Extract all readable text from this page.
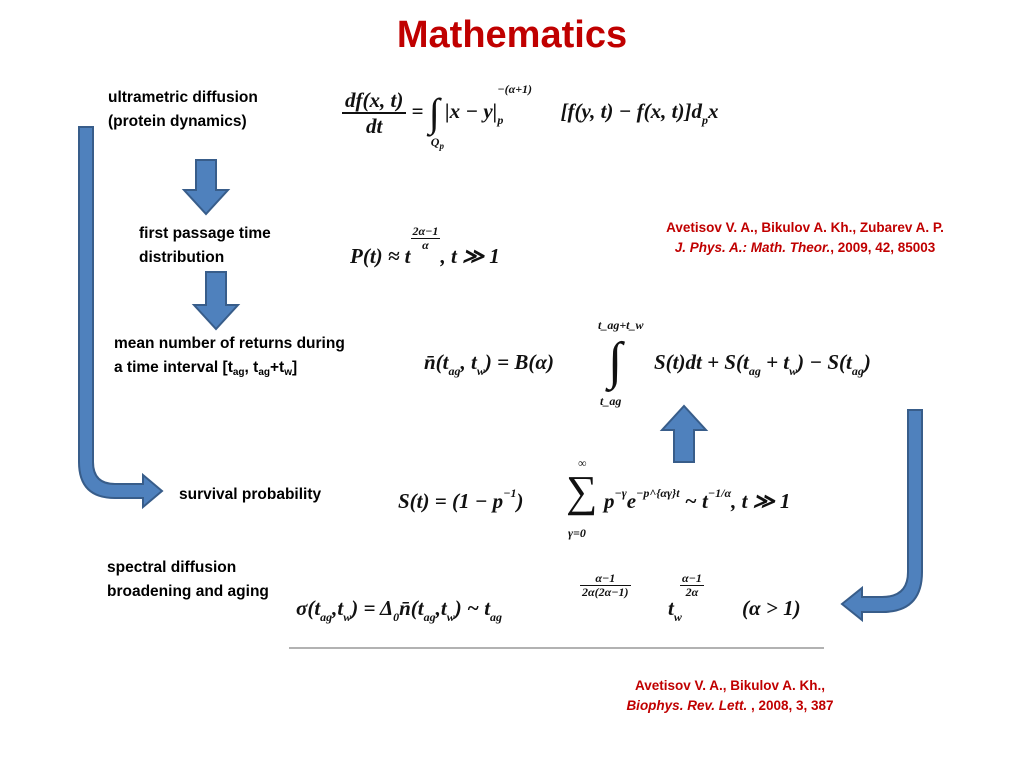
Mathematics
ultrametric diffusion
(protein dynamics)
first passage time
distribution
mean number of returns during
a time interval [$t_{ag}$, $t_{ag}+t_w$]
survival probability
spectral diffusion
broadening and aging
$\frac{df(x, t)}{dt}$ = ∫
$Q_p$
|x − y|
$^{-(\alpha+1)}$
$_p$	[f(y, t) − f(x, $t)]d_px$
P(t) ≈ t
$\frac{2\alpha-1}{\alpha}$
, t ≫ 1
Avetisov V. A., Bikulov A. Kh., Zubarev A. P.
J. Phys. A.: Math. Theor., 2009, 42, 85003
$n̄(t_{ag}$, $t_w) = B(\alpha)$
t_ag+t_w
∫
t_ag
$S(t)dt + S(t_{ag} + t_w) - S(t_{ag})$
$S(t) = (1 - p^{-1})$
∞
∑
γ=0
$p^{-\gamma}e^{-p\^{}\{\alpha\gamma\}t}$ ~ $t^{-1/\alpha}$, t ≫ 1
$\sigma(t_{ag},t_w)$ = $\Delta_0n̄(t_{ag},t_w)$ ~ $t_{ag}$
$\frac{\alpha-1}{2\alpha(2\alpha-1)}$
$t_w$
$\frac{\alpha-1}{2\alpha}$
(α > 1)
Avetisov V. A., Bikulov A. Kh.,
Biophys. Rev. Lett. , 2008, 3, 387
